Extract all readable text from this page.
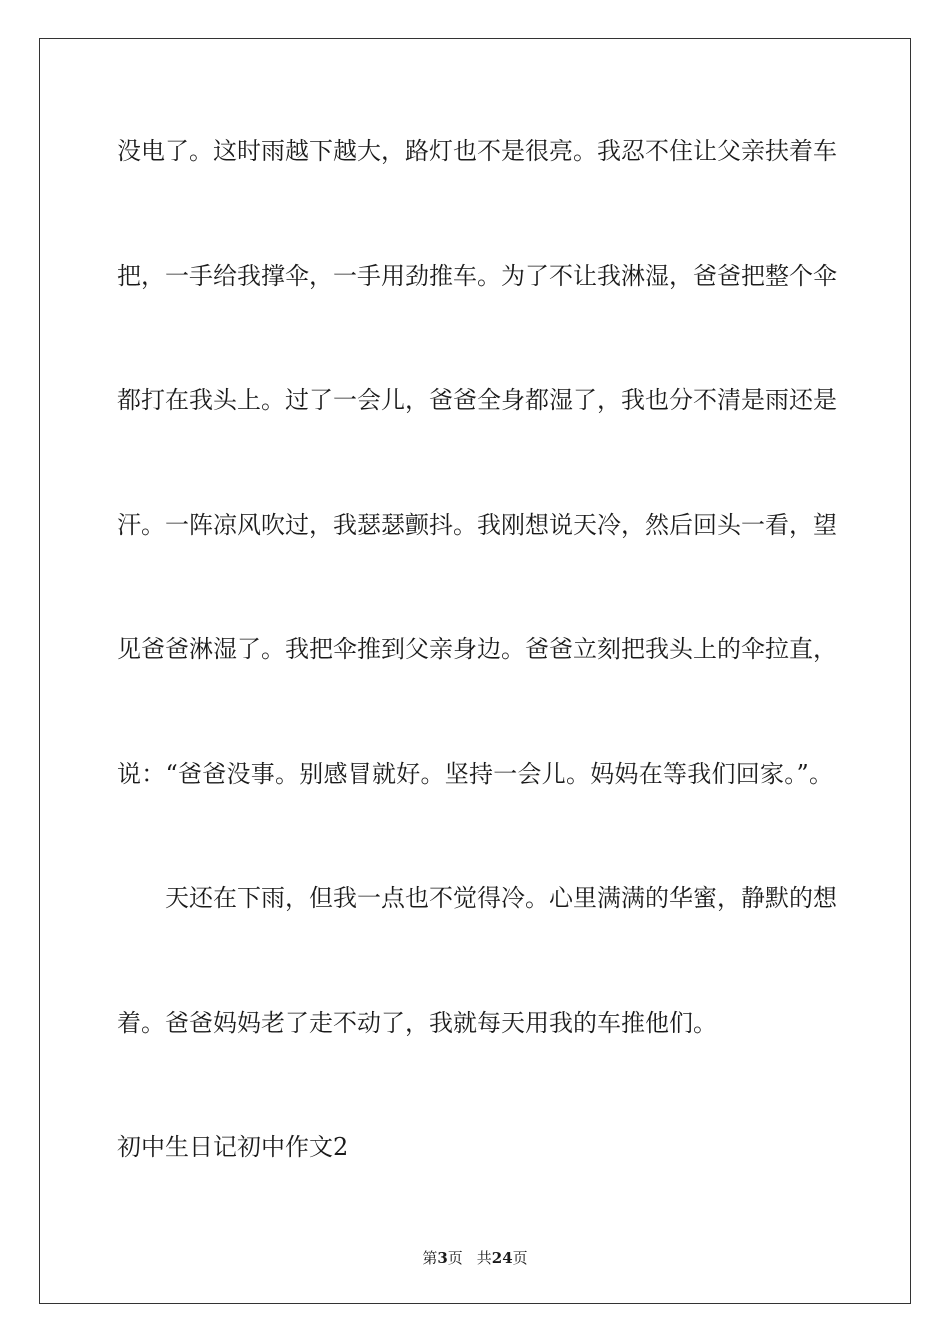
没电了。这时雨越下越大，路灯也不是很亮。我忍不住让父亲扶着车
把，一手给我撑伞，一手用劲推车。为了不让我淋湿，爸爸把整个伞
都打在我头上。过了一会儿，爸爸全身都湿了，我也分不清是雨还是
汗。一阵凉风吹过，我瑟瑟颤抖。我刚想说天冷，然后回头一看，望
见爸爸淋湿了。我把伞推到父亲身边。爸爸立刻把我头上的伞拉直，
说：“爸爸没事。别感冒就好。坚持一会儿。妈妈在等我们回家。”。
天还在下雨，但我一点也不觉得冷。心里满满的华蜜，静默的想
着。爸爸妈妈老了走不动了，我就每天用我的车推他们。
初中生日记初中作文2
第3页 共24页
